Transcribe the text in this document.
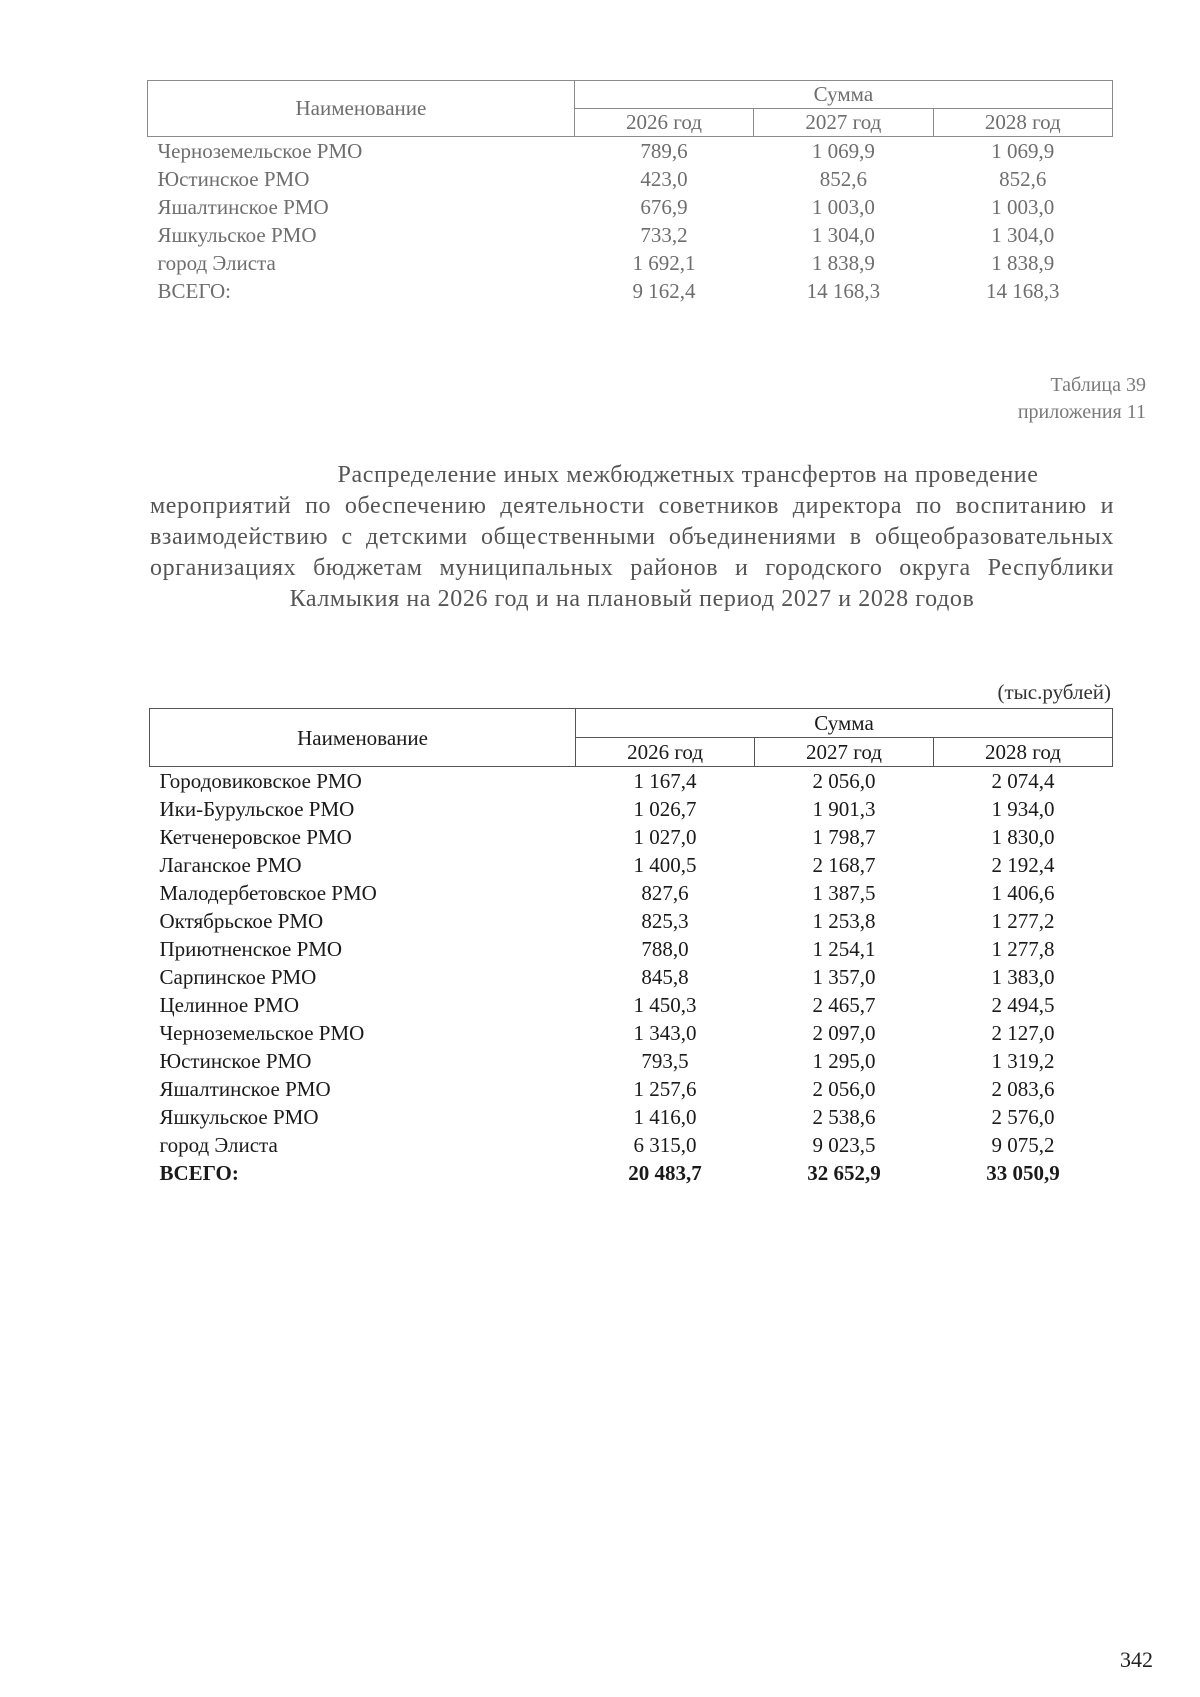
Наименование	Сумма		
	2026 год	2027 год	2028 год
Черноземельское РМО	789,6	1 069,9	1 069,9
Юстинское РМО	423,0	852,6	852,6
Яшалтинское РМО	676,9	1 003,0	1 003,0
Яшкульское РМО	733,2	1 304,0	1 304,0
город Элиста	1 692,1	1 838,9	1 838,9
ВСЕГО:	9 162,4	14 168,3	14 168,3
Таблица 39
приложения 11
Распределение иных межбюджетных трансфертов на проведение
мероприятий по обеспечению деятельности советников директора по воспитанию и взаимодействию с детскими общественными объединениями в общеобразовательных организациях бюджетам муниципальных районов и городского округа Республики Калмыкия на 2026 год и на плановый период 2027 и 2028 годов
(тыс.рублей)
Наименование	Сумма		
	2026 год	2027 год	2028 год
Городовиковское РМО	1 167,4	2 056,0	2 074,4
Ики-Бурульское РМО	1 026,7	1 901,3	1 934,0
Кетченеровское РМО	1 027,0	1 798,7	1 830,0
Лаганское РМО	1 400,5	2 168,7	2 192,4
Малодербетовское РМО	827,6	1 387,5	1 406,6
Октябрьское РМО	825,3	1 253,8	1 277,2
Приютненское РМО	788,0	1 254,1	1 277,8
Сарпинское РМО	845,8	1 357,0	1 383,0
Целинное РМО	1 450,3	2 465,7	2 494,5
Черноземельское РМО	1 343,0	2 097,0	2 127,0
Юстинское РМО	793,5	1 295,0	1 319,2
Яшалтинское РМО	1 257,6	2 056,0	2 083,6
Яшкульское РМО	1 416,0	2 538,6	2 576,0
город Элиста	6 315,0	9 023,5	9 075,2
ВСЕГО:	20 483,7	32 652,9	33 050,9
342
